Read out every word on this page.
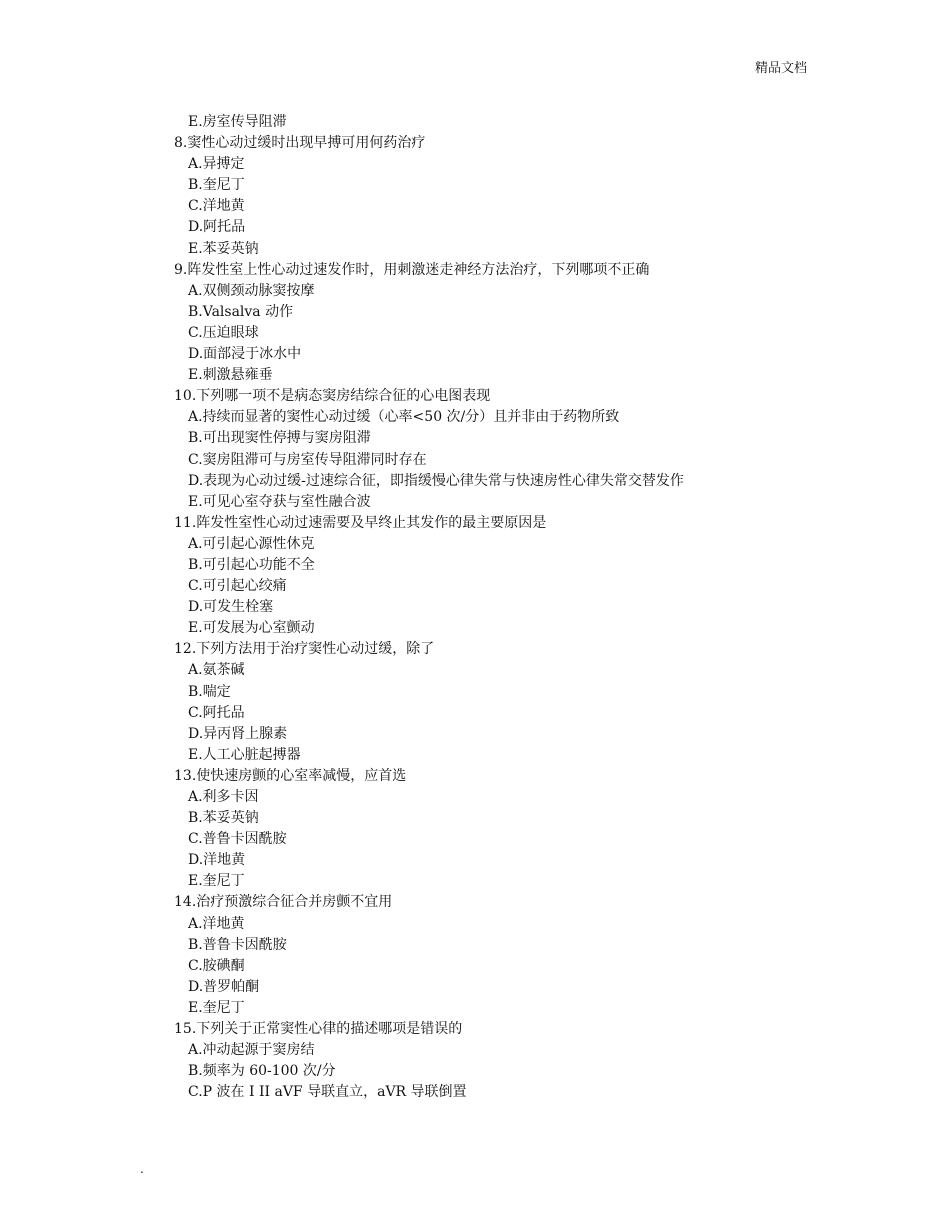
精品文档
E.房室传导阻滞
8.窦性心动过缓时出现早搏可用何药治疗
A.异搏定
B.奎尼丁
C.洋地黄
D.阿托品
E.苯妥英钠
9.阵发性室上性心动过速发作时，用刺激迷走神经方法治疗，下列哪项不正确
A.双侧颈动脉窦按摩
B.Valsalva 动作
C.压迫眼球
D.面部浸于冰水中
E.刺激悬雍垂
10.下列哪一项不是病态窦房结综合征的心电图表现
A.持续而显著的窦性心动过缓（心率<50 次/分）且并非由于药物所致
B.可出现窦性停搏与窦房阻滞
C.窦房阻滞可与房室传导阻滞同时存在
D.表现为心动过缓-过速综合征，即指缓慢心律失常与快速房性心律失常交替发作
E.可见心室夺获与室性融合波
11.阵发性室性心动过速需要及早终止其发作的最主要原因是
A.可引起心源性休克
B.可引起心功能不全
C.可引起心绞痛
D.可发生栓塞
E.可发展为心室颤动
12.下列方法用于治疗窦性心动过缓，除了
A.氨茶碱
B.喘定
C.阿托品
D.异丙肾上腺素
E.人工心脏起搏器
13.使快速房颤的心室率减慢，应首选
A.利多卡因
B.苯妥英钠
C.普鲁卡因酰胺
D.洋地黄
E.奎尼丁
14.治疗预激综合征合并房颤不宜用
A.洋地黄
B.普鲁卡因酰胺
C.胺碘酮
D.普罗帕酮
E.奎尼丁
15.下列关于正常窦性心律的描述哪项是错误的
A.冲动起源于窦房结
B.频率为 60-100 次/分
C.P 波在 I II aVF 导联直立，aVR 导联倒置
.
